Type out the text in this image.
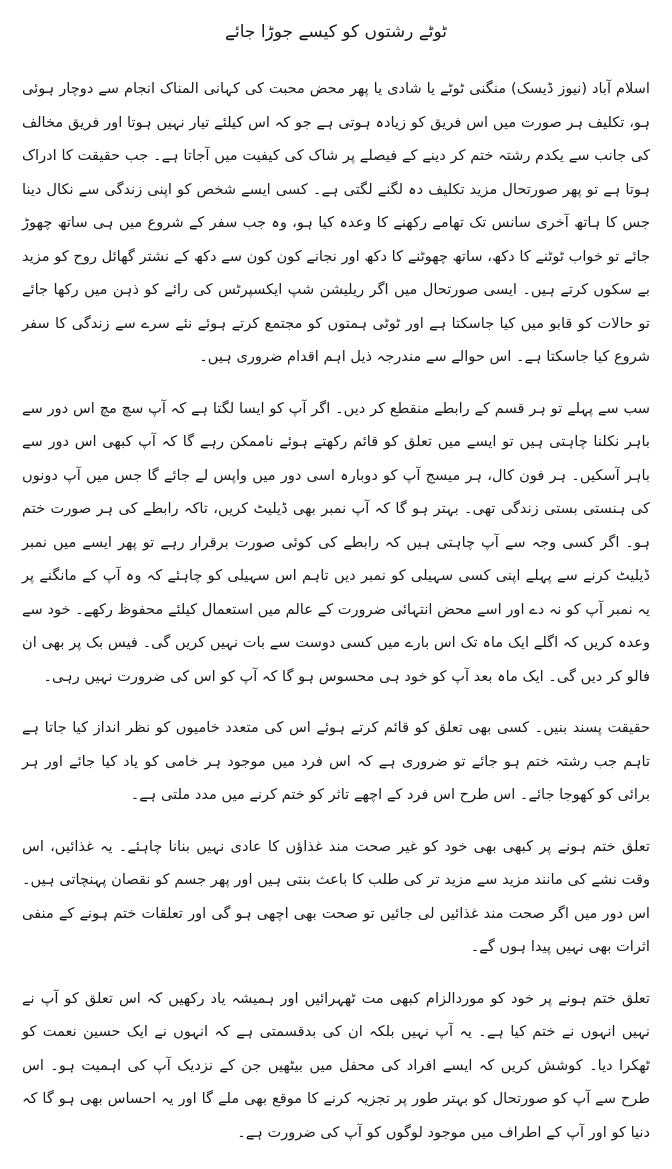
ٹوٹے رشتوں کو کیسے جوڑا جائے

اسلام آباد (نیوز ڈیسک) منگنی ٹوٹے یا شادی یا پھر محض محبت کی کہانی المناک انجام سے دوچار ہوئی ہو، تکلیف ہر صورت میں اس فریق کو زیادہ ہوتی ہے جو کہ اس کیلئے تیار نہیں ہوتا اور فریق مخالف کی جانب سے یکدم رشتہ ختم کر دینے کے فیصلے پر شاک کی کیفیت میں آجاتا ہے۔ جب حقیقت کا ادراک ہوتا ہے تو پھر صورتحال مزید تکلیف دہ لگنے لگتی ہے۔ کسی ایسے شخص کو اپنی زندگی سے نکال دینا جس کا ہاتھ آخری سانس تک تھامے رکھنے کا وعدہ کیا ہو، وہ جب سفر کے شروع میں ہی ساتھ چھوڑ جائے تو خواب ٹوٹنے کا دکھ، ساتھ چھوٹنے کا دکھ اور نجانے کون کون سے دکھ کے نشتر گھائل روح کو مزید بے سکوں کرتے ہیں۔ ایسی صورتحال میں اگر ریلیشن شپ ایکسپرٹس کی رائے کو ذہن میں رکھا جائے تو حالات کو قابو میں کیا جاسکتا ہے اور ٹوٹی ہمتوں کو مجتمع کرتے ہوئے نئے سرے سے زندگی کا سفر شروع کیا جاسکتا ہے۔ اس حوالے سے مندرجہ ذیل اہم اقدام ضروری ہیں۔

سب سے پہلے تو ہر قسم کے رابطے منقطع کر دیں۔ اگر آپ کو ایسا لگتا ہے کہ آپ سچ مچ اس دور سے باہر نکلنا چاہتی ہیں تو ایسے میں تعلق کو قائم رکھتے ہوئے ناممکن رہے گا کہ آپ کبھی اس دور سے باہر آسکیں۔ ہر فون کال، ہر میسج آپ کو دوبارہ اسی دور میں واپس لے جائے گا جس میں آپ دونوں کی ہنستی بستی زندگی تھی۔ بہتر ہو گا کہ آپ نمبر بھی ڈیلیٹ کریں، تاکہ رابطے کی ہر صورت ختم ہو۔ اگر کسی وجہ سے آپ چاہتی ہیں کہ رابطے کی کوئی صورت برقرار رہے تو پھر ایسے میں نمبر ڈیلیٹ کرنے سے پہلے اپنی کسی سہیلی کو نمبر دیں تاہم اس سہیلی کو چاہئے کہ وہ آپ کے مانگنے پر یہ نمبر آپ کو نہ دے اور اسے محض انتہائی ضرورت کے عالم میں استعمال کیلئے محفوظ رکھے۔ خود سے وعدہ کریں کہ اگلے ایک ماہ تک اس بارے میں کسی دوست سے بات نہیں کریں گی۔ فیس بک پر بھی ان فالو کر دیں گی۔ ایک ماہ بعد آپ کو خود ہی محسوس ہو گا کہ آپ کو اس کی ضرورت نہیں رہی۔

حقیقت پسند بنیں۔ کسی بھی تعلق کو قائم کرتے ہوئے اس کی متعدد خامیوں کو نظر انداز کیا جاتا ہے تاہم جب رشتہ ختم ہو جائے تو ضروری ہے کہ اس فرد میں موجود ہر خامی کو یاد کیا جائے اور ہر برائی کو کھوجا جائے۔ اس طرح اس فرد کے اچھے تاثر کو ختم کرنے میں مدد ملتی ہے۔

تعلق ختم ہونے پر کبھی بھی خود کو غیر صحت مند غذاؤں کا عادی نہیں بنانا چاہئے۔ یہ غذائیں، اس وقت نشے کی مانند مزید سے مزید تر کی طلب کا باعث بنتی ہیں اور پھر جسم کو نقصان پہنچاتی ہیں۔ اس دور میں اگر صحت مند غذائیں لی جائیں تو صحت بھی اچھی ہو گی اور تعلقات ختم ہونے کے منفی اثرات بھی نہیں پیدا ہوں گے۔

تعلق ختم ہونے پر خود کو موردالزام کبھی مت ٹھہرائیں اور ہمیشہ یاد رکھیں کہ اس تعلق کو آپ نے نہیں انہوں نے ختم کیا ہے۔ یہ آپ نہیں بلکہ ان کی بدقسمتی ہے کہ انہوں نے ایک حسین نعمت کو ٹھکرا دیا۔ کوشش کریں کہ ایسے افراد کی محفل میں بیٹھیں جن کے نزدیک آپ کی اہمیت ہو۔ اس طرح سے آپ کو صورتحال کو بہتر طور پر تجزیہ کرنے کا موقع بھی ملے گا اور یہ احساس بھی ہو گا کہ دنیا کو اور آپ کے اطراف میں موجود لوگوں کو آپ کی ضرورت ہے۔
